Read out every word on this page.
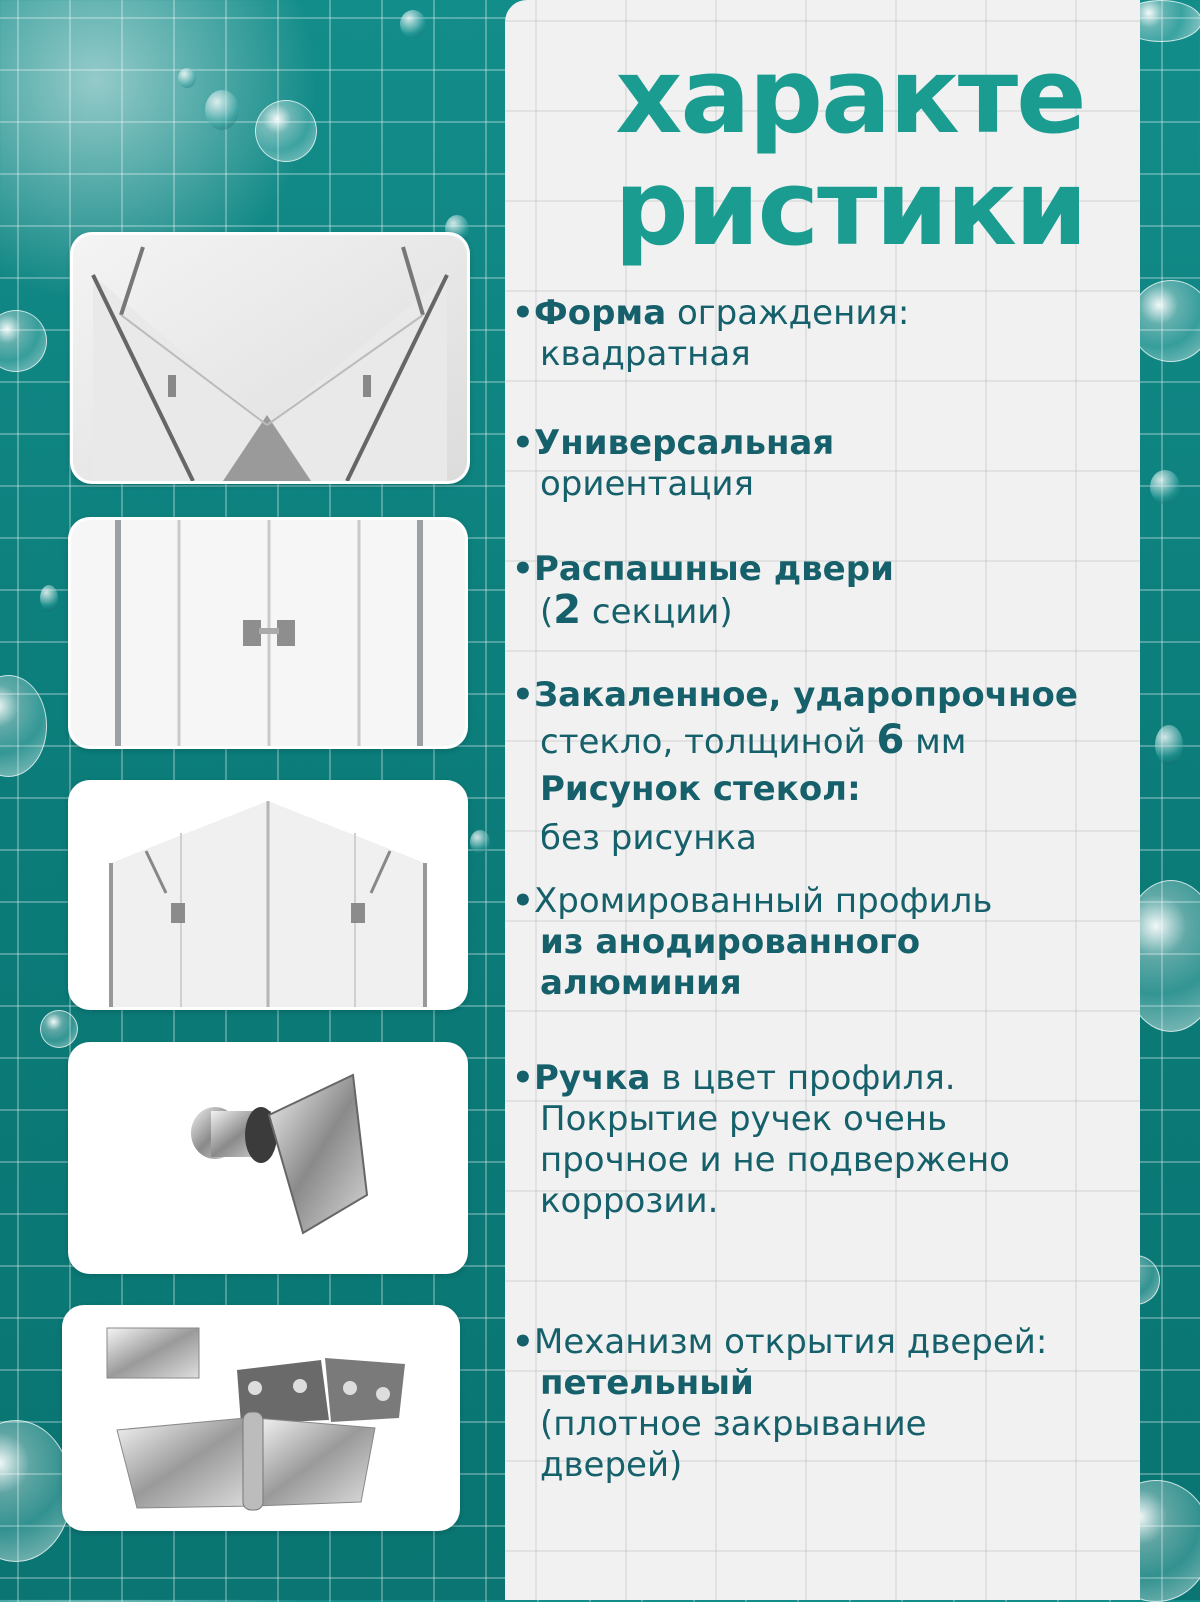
характе
ристики
•Форма ограждения:
квадратная
•Универсальная
ориентация
•Распашные двери
(2 секции)
•Закаленное, ударопрочное
стекло, толщиной 6 мм
Рисунок стекол:
без рисунка
•Хромированный профиль
из анодированного
алюминия
•Ручка в цвет профиля.
Покрытие ручек очень
прочное и не подвержено
коррозии.
•Механизм открытия дверей:
петельный
(плотное закрывание
дверей)
